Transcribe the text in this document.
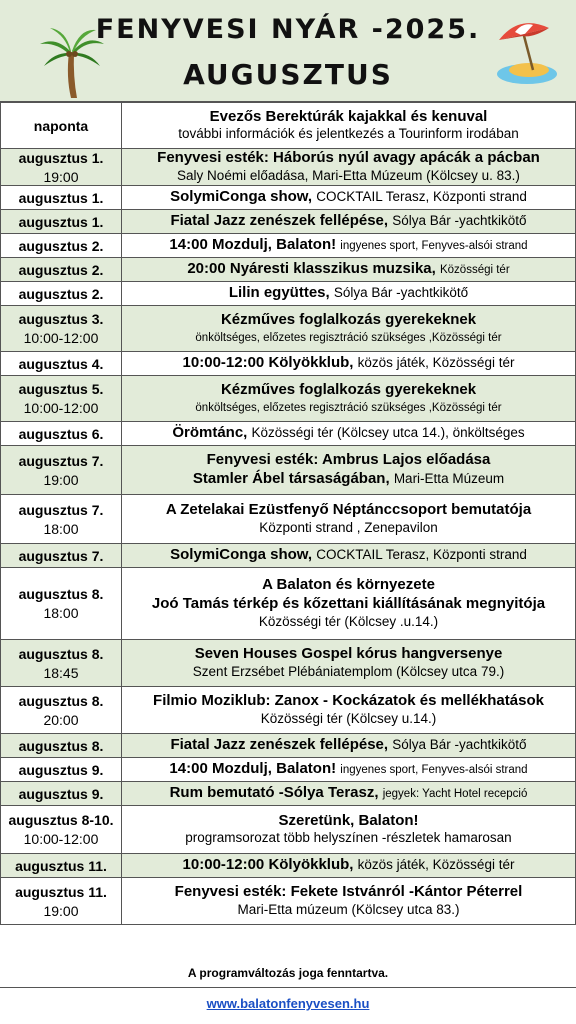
FENYVESI NYÁR -2025.
AUGUSZTUS
naponta	Evezős Berektúrák kajakkal és kenuval
további információk és jelentkezés a Tourinform irodában

augusztus 1.
19:00	Fenyvesi esték: Háborús nyúl avagy apácák a pácban
Saly Noémi előadása, Mari-Etta Múzeum (Kölcsey u. 83.)

augusztus 1.	SolymiConga show, COCKTAIL Terasz, Központi strand

augusztus 1.	Fiatal Jazz zenészek fellépése, Sólya Bár -yachtkikötő

augusztus 2.	14:00 Mozdulj, Balaton! ingyenes sport, Fenyves-alsói strand

augusztus 2.	20:00 Nyáresti klasszikus muzsika, Közösségi tér

augusztus 2.	Lilin együttes, Sólya Bár -yachtkikötő

augusztus 3.
10:00-12:00	Kézműves foglalkozás gyerekeknek
önköltséges, előzetes regisztráció szükséges ,Közösségi tér

augusztus 4.	10:00-12:00 Kölyökklub, közös játék, Közösségi tér

augusztus 5.
10:00-12:00	Kézműves foglalkozás gyerekeknek
önköltséges, előzetes regisztráció szükséges ,Közösségi tér

augusztus 6.	Örömtánc, Közösségi tér (Kölcsey utca 14.), önköltséges

augusztus 7.
19:00	Fenyvesi esték: Ambrus Lajos előadása
Stamler Ábel társaságában, Mari-Etta Múzeum

augusztus 7.
18:00	A Zetelakai Ezüstfenyő Néptánccsoport bemutatója
Központi strand , Zenepavilon

augusztus 7.	SolymiConga show, COCKTAIL Terasz, Központi strand

augusztus 8.
18:00	A Balaton és környezete
Joó Tamás térkép és kőzettani kiállításának megnyitója
Közösségi tér (Kölcsey .u.14.)

augusztus 8.
18:45	Seven Houses Gospel kórus hangversenye
Szent Erzsébet Plébániatemplom (Kölcsey utca 79.)

augusztus 8.
20:00	Filmio Moziklub: Zanox - Kockázatok és mellékhatások
Közösségi tér (Kölcsey u.14.)

augusztus 8.	Fiatal Jazz zenészek fellépése, Sólya Bár -yachtkikötő

augusztus 9.	14:00 Mozdulj, Balaton! ingyenes sport, Fenyves-alsói strand

augusztus 9.	Rum bemutató -Sólya Terasz, jegyek: Yacht Hotel recepció

augusztus 8-10.
10:00-12:00	Szeretünk, Balaton!
programsorozat több helyszínen -részletek hamarosan

augusztus 11.	10:00-12:00 Kölyökklub, közös játék, Közösségi tér

augusztus 11.
19:00	Fenyvesi esték: Fekete Istvánról -Kántor Péterrel
Mari-Etta múzeum (Kölcsey utca 83.)
A programváltozás joga fenntartva.
www.balatonfenyvesen.hu
